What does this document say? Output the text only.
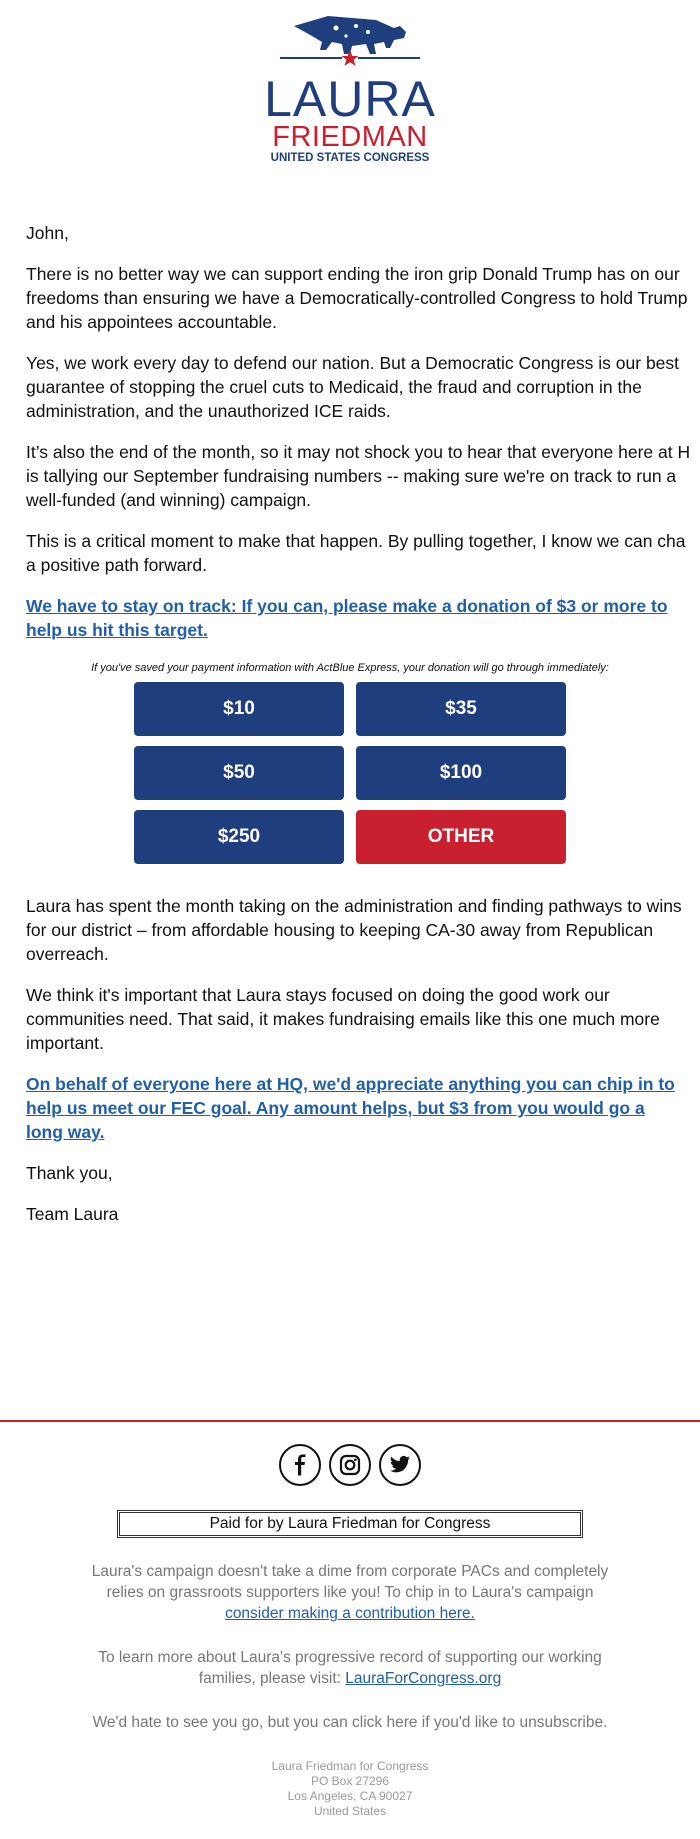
LAURA
FRIEDMAN
UNITED STATES CONGRESS

John,

There is no better way we can support ending the iron grip Donald Trump has on our
freedoms than ensuring we have a Democratically-controlled Congress to hold Trump
and his appointees accountable.

Yes, we work every day to defend our nation. But a Democratic Congress is our best
guarantee of stopping the cruel cuts to Medicaid, the fraud and corruption in the
administration, and the unauthorized ICE raids.

It’s also the end of the month, so it may not shock you to hear that everyone here at H
is tallying our September fundraising numbers -- making sure we're on track to run a
well-funded (and winning) campaign.

This is a critical moment to make that happen. By pulling together, I know we can cha
a positive path forward.

We have to stay on track: If you can, please make a donation of $3 or more to
help us hit this target.

If you've saved your payment information with ActBlue Express, your donation will go through immediately:
$10	$35
$50	$100
$250	OTHER

Laura has spent the month taking on the administration and finding pathways to wins
for our district – from affordable housing to keeping CA-30 away from Republican
overreach.

We think it's important that Laura stays focused on doing the good work our
communities need. That said, it makes fundraising emails like this one much more
important.

On behalf of everyone here at HQ, we'd appreciate anything you can chip in to
help us meet our FEC goal. Any amount helps, but $3 from you would go a
long way.

Thank you,

Team Laura

Paid for by Laura Friedman for Congress
Laura's campaign doesn't take a dime from corporate PACs and completely
relies on grassroots supporters like you! To chip in to Laura's campaign
consider making a contribution here.
To learn more about Laura's progressive record of supporting our working
families, please visit: LauraForCongress.org
We'd hate to see you go, but you can click here if you'd like to unsubscribe.
Laura Friedman for Congress
PO Box 27296
Los Angeles, CA 90027
United States
